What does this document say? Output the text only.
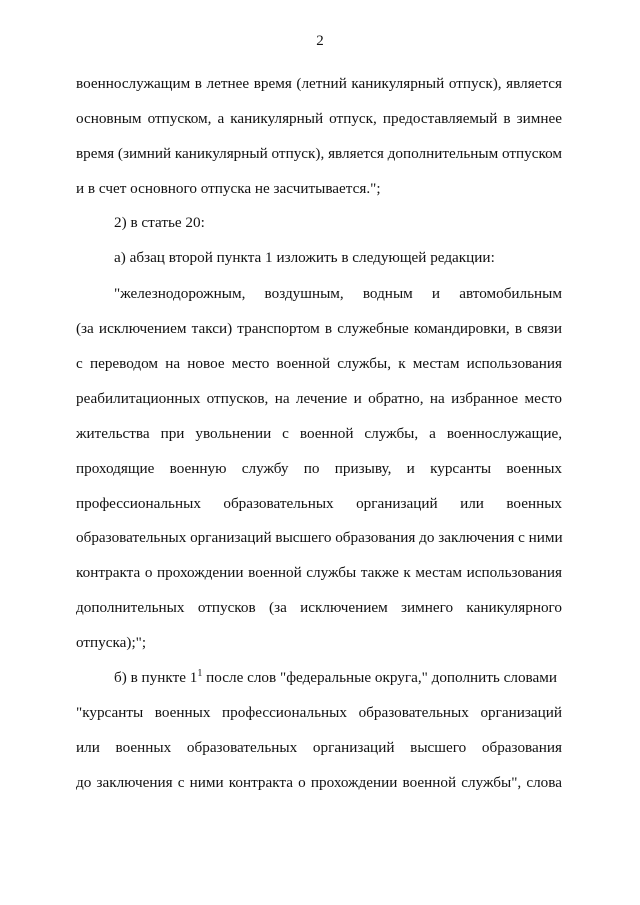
2
военнослужащим в летнее время (летний каникулярный отпуск), является
основным отпуском, а каникулярный отпуск, предоставляемый в зимнее
время (зимний каникулярный отпуск), является дополнительным отпуском
и в счет основного отпуска не засчитывается.";
2) в статье 20:
а) абзац второй пункта 1 изложить в следующей редакции:
"железнодорожным, воздушным, водным и автомобильным
(за исключением такси) транспортом в служебные командировки, в связи
с переводом на новое место военной службы, к местам использования
реабилитационных отпусков, на лечение и обратно, на избранное место
жительства при увольнении с военной службы, а военнослужащие,
проходящие военную службу по призыву, и курсанты военных
профессиональных образовательных организаций или военных
образовательных организаций высшего образования до заключения с ними
контракта о прохождении военной службы также к местам использования
дополнительных отпусков (за исключением зимнего каникулярного
отпуска);";
б) в пункте $1^1$ после слов "федеральные округа," дополнить словами
"курсанты военных профессиональных образовательных организаций
или военных образовательных организаций высшего образования
до заключения с ними контракта о прохождении военной службы", слова
